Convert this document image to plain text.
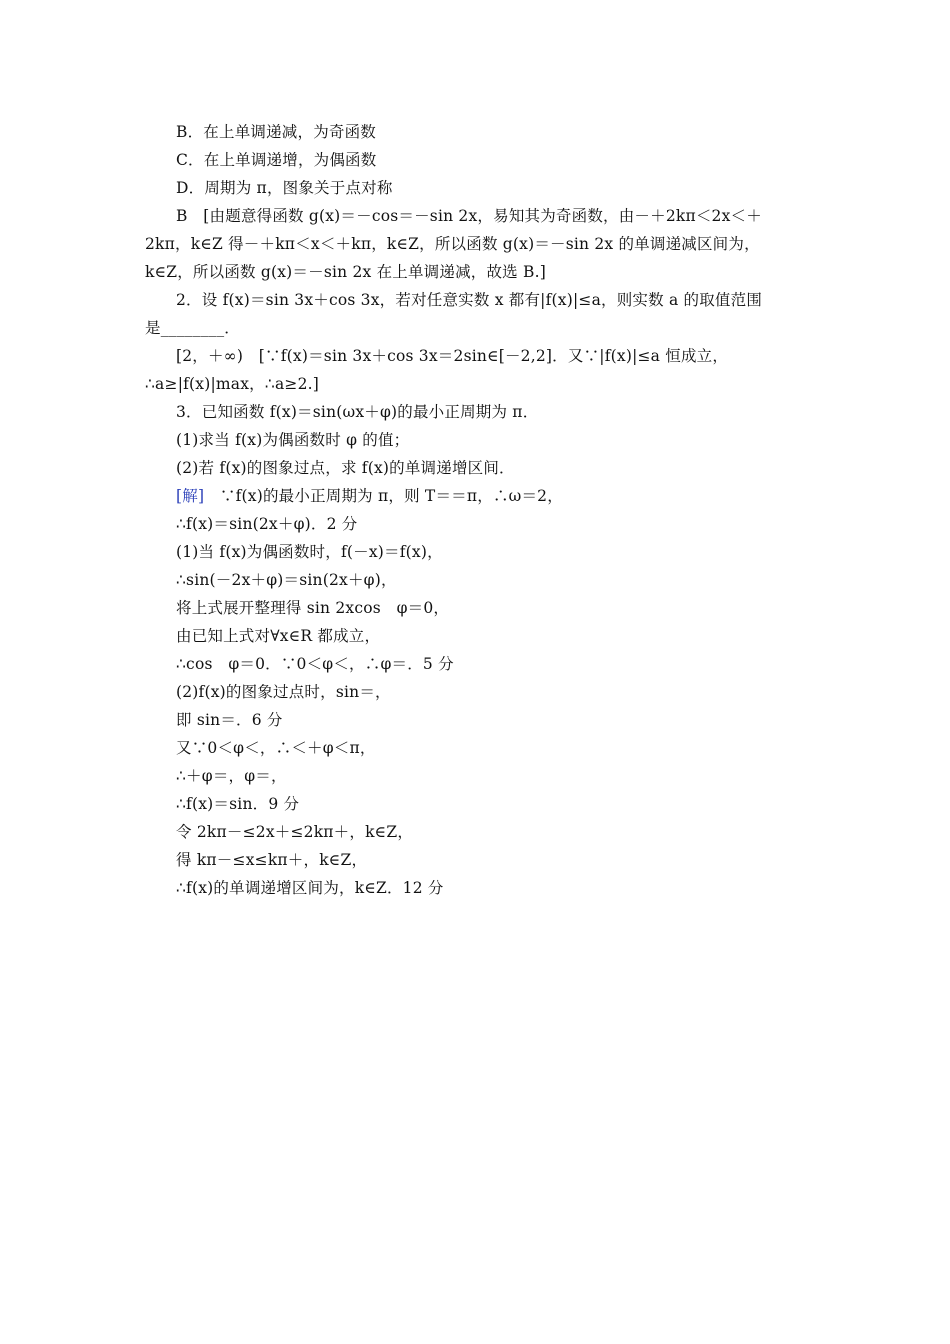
B．在上单调递减，为奇函数
C．在上单调递增，为偶函数
D．周期为 π，图象关于点对称
B　[由题意得函数 g(x)＝－cos＝－sin 2x，易知其为奇函数，由－＋2kπ＜2x＜＋
2kπ，k∈Z 得－＋kπ＜x＜＋kπ，k∈Z，所以函数 g(x)＝－sin 2x 的单调递减区间为，
k∈Z，所以函数 g(x)＝－sin 2x 在上单调递减，故选 B.]
2．设 f(x)＝sin 3x＋cos 3x，若对任意实数 x 都有|f(x)|≤a，则实数 a 的取值范围
是________．
[2，＋∞)　[∵f(x)＝sin 3x＋cos 3x＝2sin∈[－2,2]．又∵|f(x)|≤a 恒成立，
∴a≥|f(x)|max，∴a≥2.]
3．已知函数 f(x)＝sin(ωx＋φ)的最小正周期为 π．
(1)求当 f(x)为偶函数时 φ 的值；
(2)若 f(x)的图象过点，求 f(x)的单调递增区间．
[解]　∵f(x)的最小正周期为 π，则 T＝＝π，∴ω＝2，
∴f(x)＝sin(2x＋φ)．2 分
(1)当 f(x)为偶函数时，f(－x)＝f(x)，
∴sin(－2x＋φ)＝sin(2x＋φ)，
将上式展开整理得 sin 2xcos　φ＝0，
由已知上式对∀x∈R 都成立，
∴cos　φ＝0．∵0＜φ＜，∴φ＝．5 分
(2)f(x)的图象过点时，sin＝，
即 sin＝．6 分
又∵0＜φ＜，∴＜＋φ＜π，
∴＋φ＝，φ＝，
∴f(x)＝sin．9 分
令 2kπ－≤2x＋≤2kπ＋，k∈Z，
得 kπ－≤x≤kπ＋，k∈Z，
∴f(x)的单调递增区间为，k∈Z．12 分
